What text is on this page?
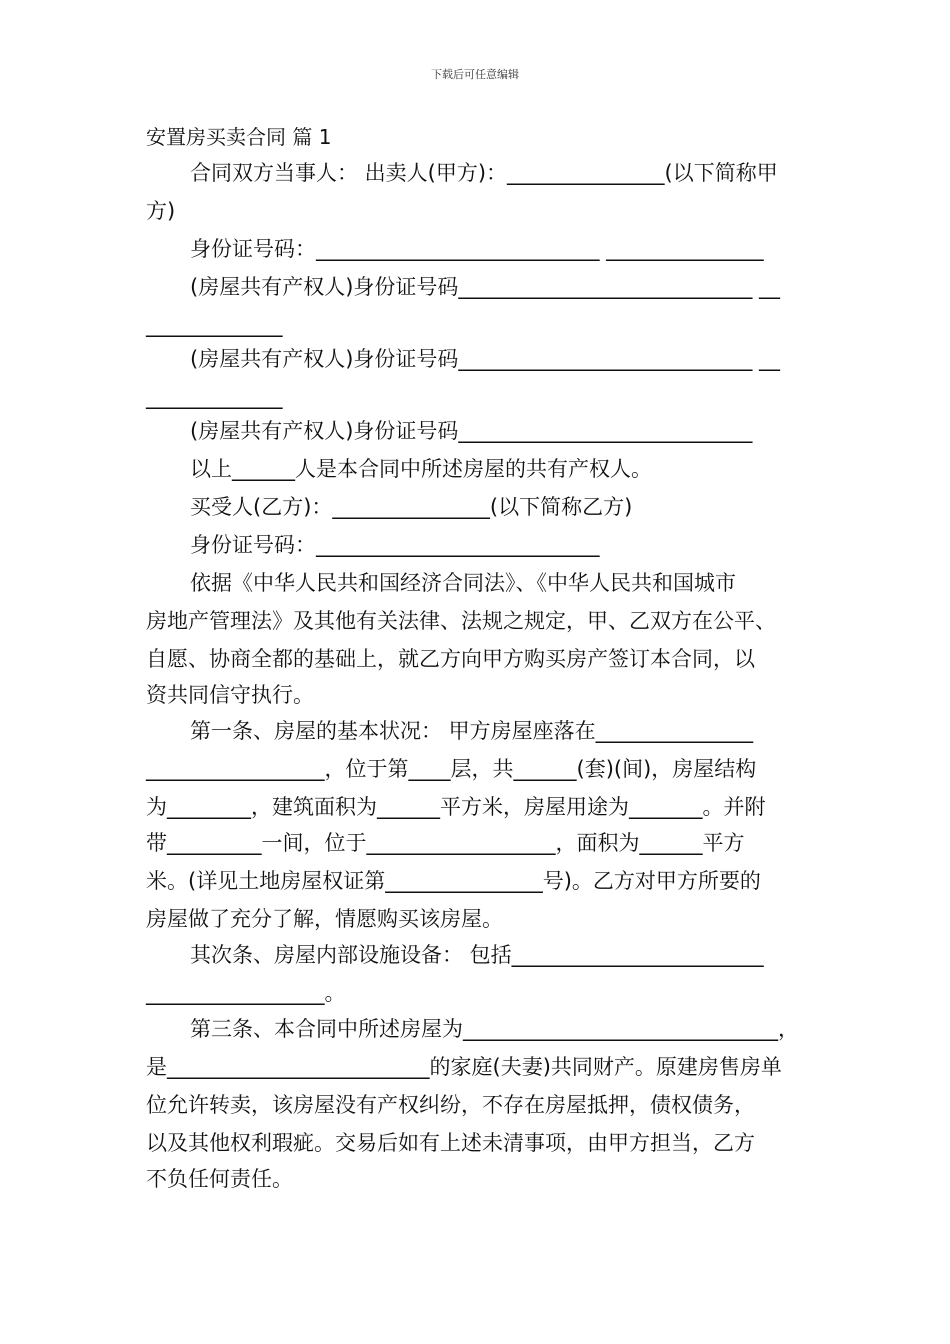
下载后可任意编辑
安置房买卖合同 篇 1
合同双方当事人： 出卖人(甲方)：_______________(以下简称甲
方)
身份证号码：___________________________ _______________
(房屋共有产权人)身份证号码____________________________ __
_____________
(房屋共有产权人)身份证号码____________________________ __
_____________
(房屋共有产权人)身份证号码____________________________
以上______人是本合同中所述房屋的共有产权人。
买受人(乙方)：_______________(以下简称乙方)
身份证号码：___________________________
依据《中华人民共和国经济合同法》、《中华人民共和国城市
房地产管理法》及其他有关法律、法规之规定，甲、乙双方在公平、
自愿、协商全都的基础上，就乙方向甲方购买房产签订本合同，以
资共同信守执行。
第一条、房屋的基本状况： 甲方房屋座落在_______________
_________________，位于第____层，共______(套)(间)，房屋结构
为________，建筑面积为______平方米，房屋用途为_______。并附
带_________一间，位于__________________，面积为______平方
米。(详见土地房屋权证第_______________号)。乙方对甲方所要的
房屋做了充分了解，情愿购买该房屋。
其次条、房屋内部设施设备： 包括________________________
_________________。
第三条、本合同中所述房屋为______________________________，
是_________________________的家庭(夫妻)共同财产。原建房售房单
位允许转卖，该房屋没有产权纠纷，不存在房屋抵押，债权债务，
以及其他权利瑕疵。交易后如有上述未清事项，由甲方担当，乙方
不负任何责任。
